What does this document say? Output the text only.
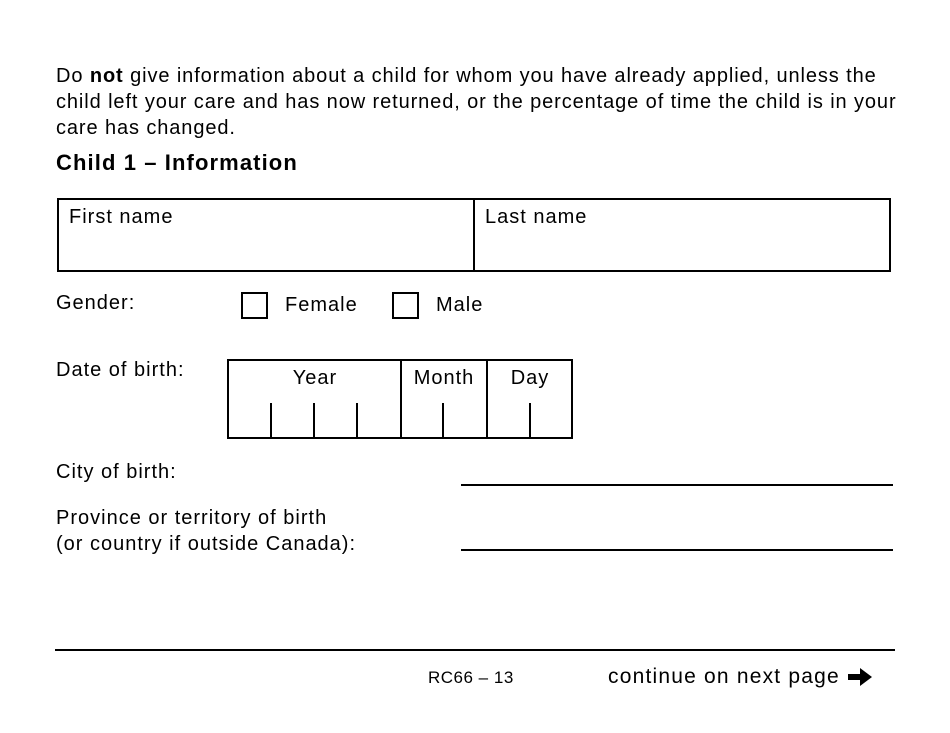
Do not give information about a child for whom you have already applied, unless the child left your care and has now returned, or the percentage of time the child is in your care has changed.
Child 1 – Information
First name	Last name
Gender:	Female	Male
Date of birth:	Year	Month	Day
City of birth:
Province or territory of birth
(or country if outside Canada):
RC66 – 13	continue on next page
